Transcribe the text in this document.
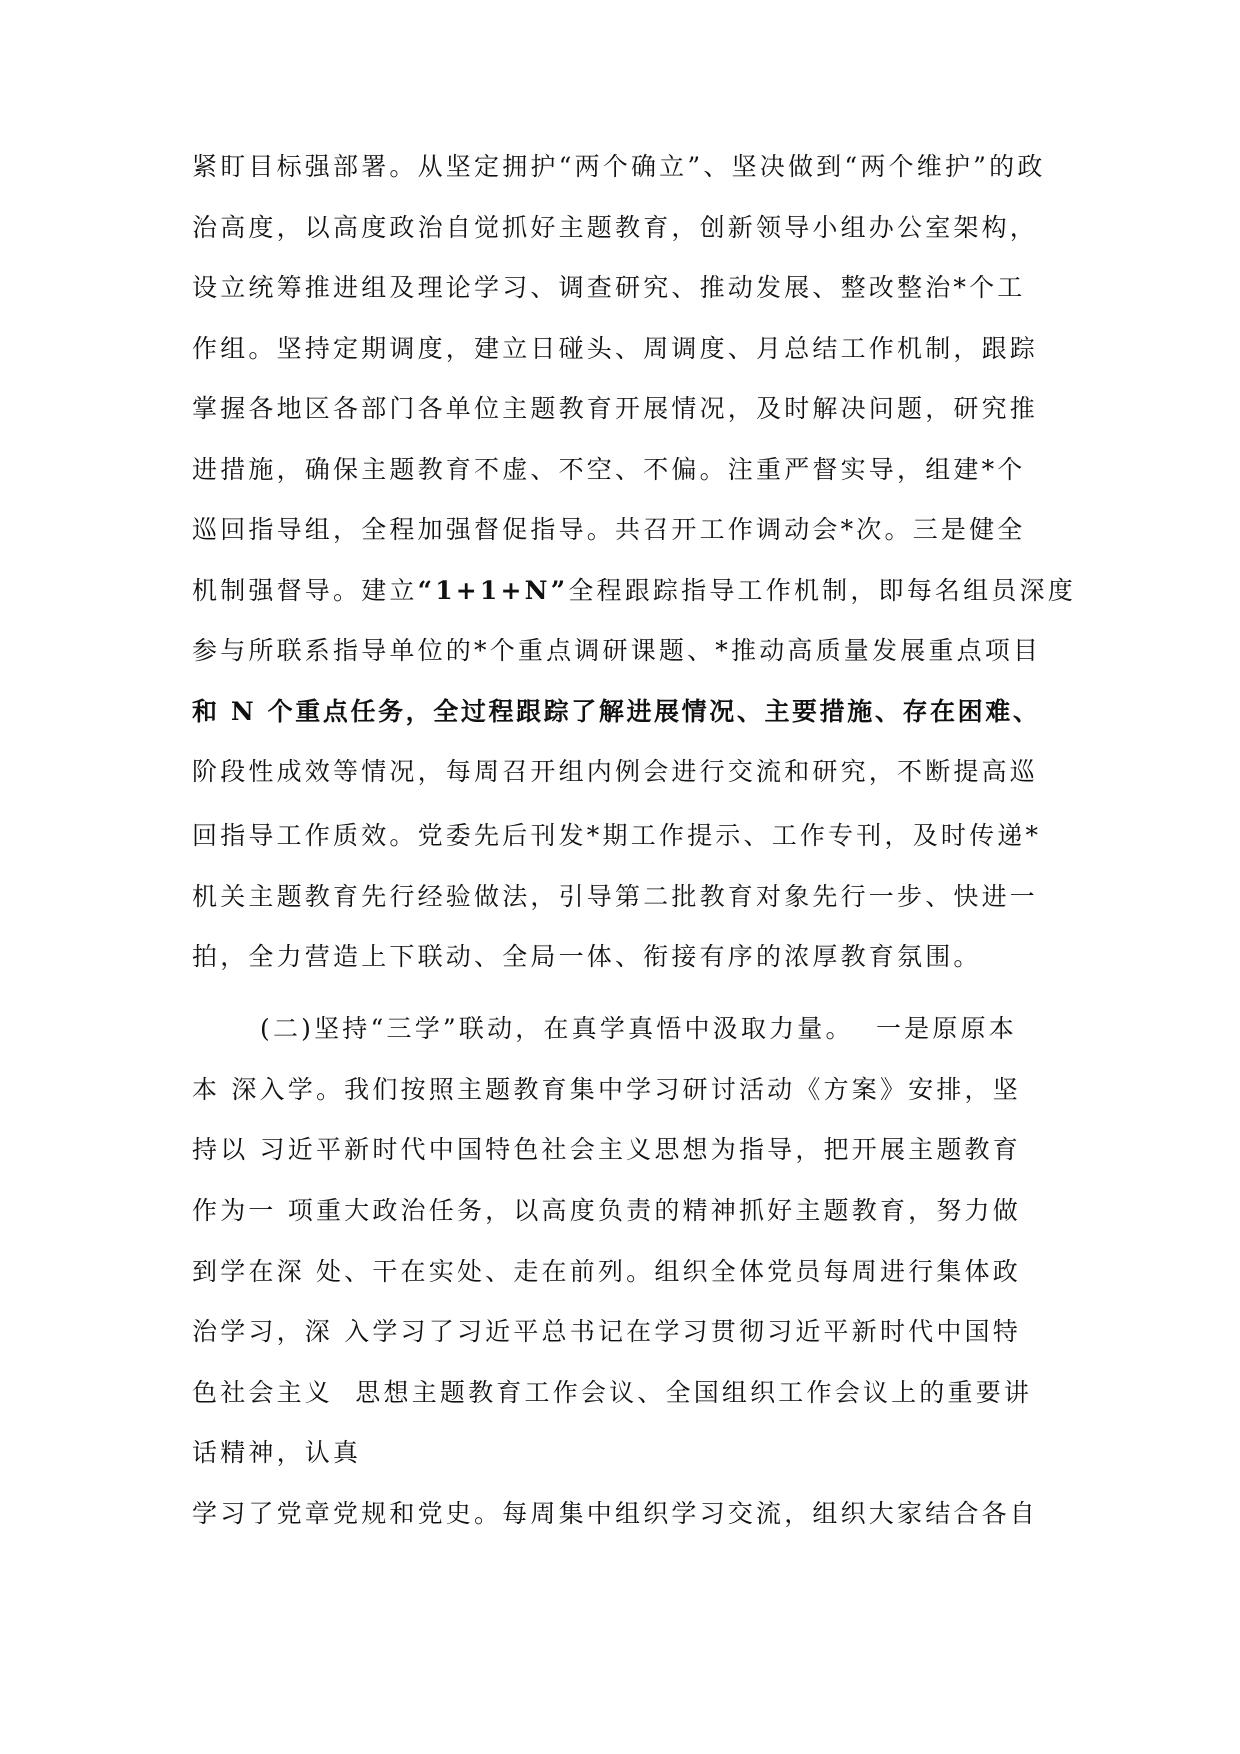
紧盯目标强部署。从坚定拥护“两个确立”、坚决做到“两个维护”的政

治高度，以高度政治自觉抓好主题教育，创新领导小组办公室架构，

设立统筹推进组及理论学习、调查研究、推动发展、整改整治*个工

作组。坚持定期调度，建立日碰头、周调度、月总结工作机制，跟踪

掌握各地区各部门各单位主题教育开展情况，及时解决问题，研究推

进措施，确保主题教育不虚、不空、不偏。注重严督实导，组建*个

巡回指导组，全程加强督促指导。共召开工作调动会*次。三是健全

机制强督导。建立“1+1+N”全程跟踪指导工作机制，即每名组员深度

参与所联系指导单位的*个重点调研课题、*推动高质量发展重点项目

和 N 个重点任务，全过程跟踪了解进展情况、主要措施、存在困难、

阶段性成效等情况，每周召开组内例会进行交流和研究，不断提高巡

回指导工作质效。党委先后刊发*期工作提示、工作专刊，及时传递*

机关主题教育先行经验做法，引导第二批教育对象先行一步、快进一

拍，全力营造上下联动、全局一体、衔接有序的浓厚教育氛围。

(二)坚持“三学”联动，在真学真悟中汲取力量。  一是原原本

本 深入学。我们按照主题教育集中学习研讨活动《方案》安排，坚

持以 习近平新时代中国特色社会主义思想为指导，把开展主题教育

作为一 项重大政治任务，以高度负责的精神抓好主题教育，努力做

到学在深 处、干在实处、走在前列。组织全体党员每周进行集体政

治学习，深 入学习了习近平总书记在学习贯彻习近平新时代中国特

色社会主义  思想主题教育工作会议、全国组织工作会议上的重要讲

话精神，认真

学习了党章党规和党史。每周集中组织学习交流，组织大家结合各自
